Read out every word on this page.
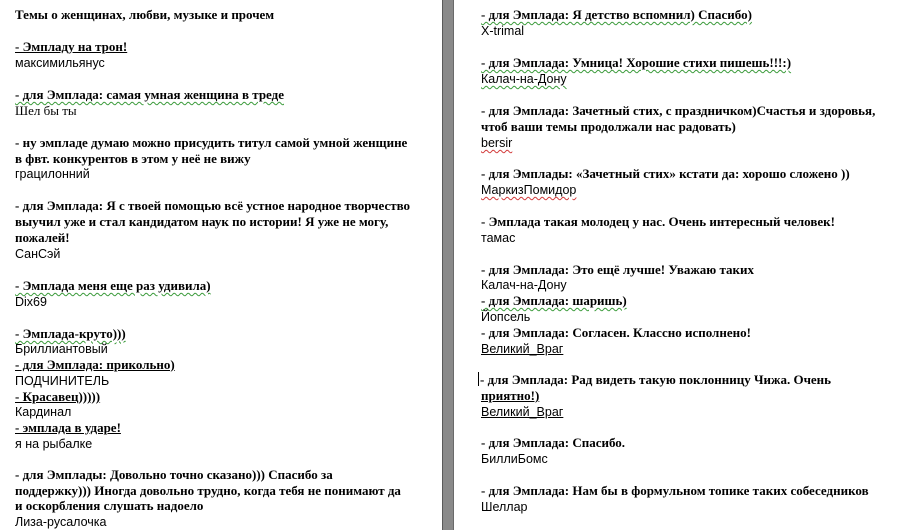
Темы о женщинах, любви, музыке и прочем
- Эмпладу на трон!
максимильянус
- для Эмплада: самая умная женщина в треде
Шел бы ты
- ну эмпладе думаю можно присудить титул самой умной женщине
в фвт. конкурентов в этом у неё не вижу
грацилонний
- для Эмплада: Я с твоей помощью всё устное народное творчество
выучил уже и стал кандидатом наук по истории! Я уже не могу,
пожалей!
СанСэй
- Эмплада меня еще раз удивила)
Dix69
- Эмплада-круто)))
Бриллиантовый
- для Эмплада: прикольно)
ПОДЧИНИТЕЛЬ
- Красавец)))))
Кардинал
- эмплада в ударе!
я на рыбалке
- для Эмплады: Довольно точно сказано))) Спасибо за
поддержку))) Иногда довольно трудно, когда тебя не понимают да
и оскорбления слушать надоело
Лиза-русалочка
- для Эмплада: Я детство вспомнил) Спасибо)
X-trimal
- для Эмплада: Умница! Хорошие стихи пишешь!!!:)
Калач-на-Дону
- для Эмплада: Зачетный стих, с праздничком)Счастья и здоровья,
чтоб ваши темы продолжали нас радовать)
bersir
- для Эмплады: «Зачетный стих» кстати да: хорошо сложено ))
МаркизПомидор
- Эмплада такая молодец у нас. Очень интересный человек!
тамас
- для Эмплада: Это ещё лучше! Уважаю таких
Калач-на-Дону
- для Эмплада: шаришь)
Йопсель
- для Эмплада: Согласен. Классно исполнено!
Великий_Враг
- для Эмплада: Рад видеть такую поклонницу Чижа. Очень
приятно!)
Великий_Враг
- для Эмплада: Спасибо.
БиллиБомс
- для Эмплада: Нам бы в формульном топике таких собеседников
Шеллар
